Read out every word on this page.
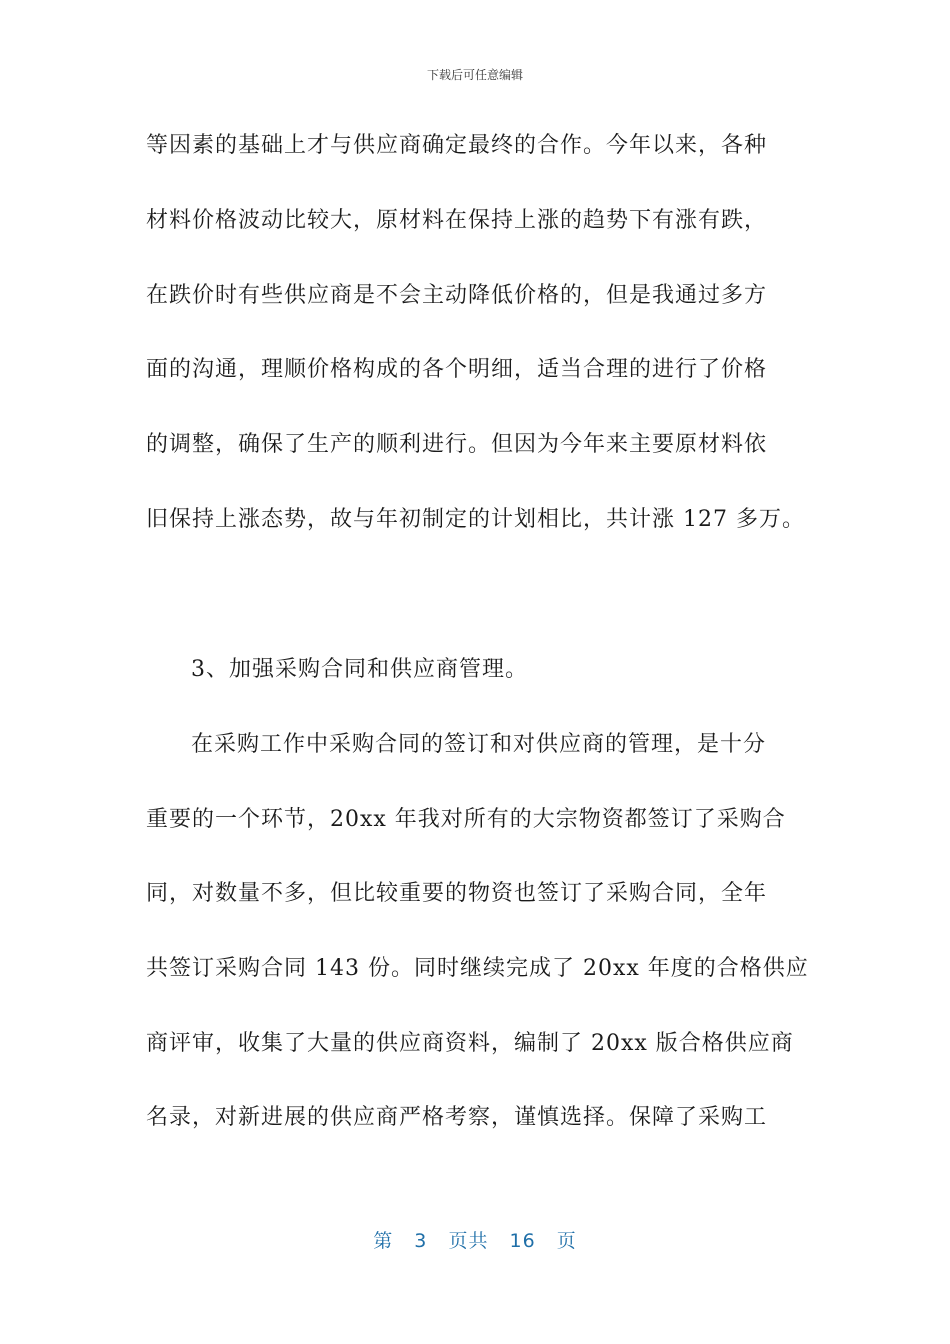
下载后可任意编辑
等因素的基础上才与供应商确定最终的合作。今年以来，各种
材料价格波动比较大，原材料在保持上涨的趋势下有涨有跌，
在跌价时有些供应商是不会主动降低价格的，但是我通过多方
面的沟通，理顺价格构成的各个明细，适当合理的进行了价格
的调整，确保了生产的顺利进行。但因为今年来主要原材料依
旧保持上涨态势，故与年初制定的计划相比，共计涨 127 多万。
3、加强采购合同和供应商管理。
在采购工作中采购合同的签订和对供应商的管理，是十分
重要的一个环节，20xx 年我对所有的大宗物资都签订了采购合
同，对数量不多，但比较重要的物资也签订了采购合同，全年
共签订采购合同 143 份。同时继续完成了 20xx 年度的合格供应
商评审，收集了大量的供应商资料，编制了 20xx 版合格供应商
名录，对新进展的供应商严格考察，谨慎选择。保障了采购工
第 3 页共 16 页
